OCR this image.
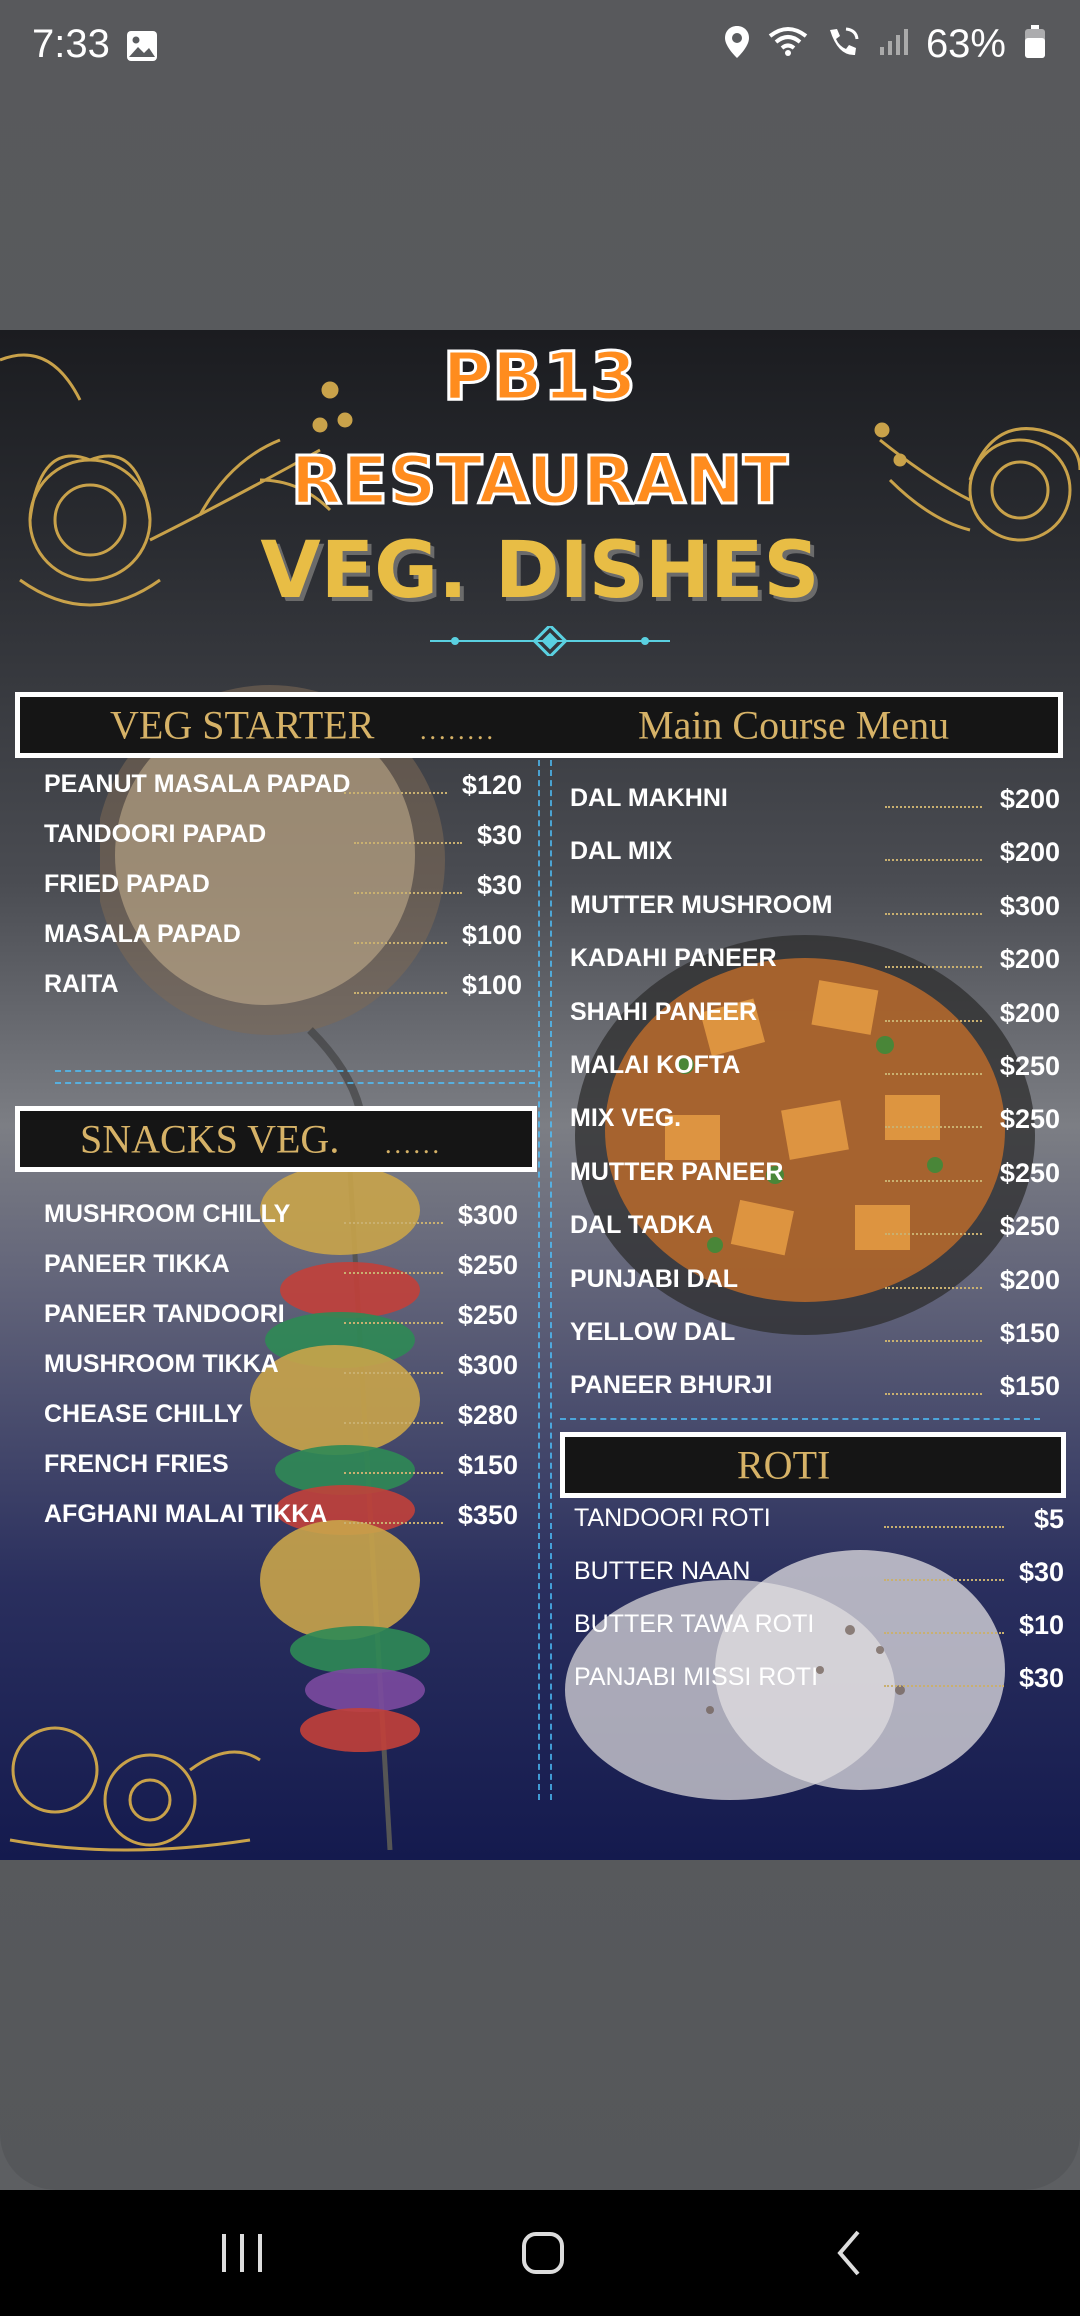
7:33	63%
PB13
RESTAURANT
VEG. DISHES
VEG STARTER ........	Main Course Menu
PEANUT MASALA PAPAD	$120
TANDOORI PAPAD	$30
FRIED PAPAD	$30
MASALA PAPAD	$100
RAITA	$100
SNACKS VEG. ......
MUSHROOM CHILLY	$300
PANEER TIKKA	$250
PANEER TANDOORI	$250
MUSHROOM TIKKA	$300
CHEASE CHILLY	$280
FRENCH FRIES	$150
AFGHANI MALAI TIKKA	$350
DAL MAKHNI	$200
DAL MIX	$200
MUTTER MUSHROOM	$300
KADAHI PANEER	$200
SHAHI PANEER	$200
MALAI KOFTA	$250
MIX VEG.	$250
MUTTER PANEER	$250
DAL TADKA	$250
PUNJABI DAL	$200
YELLOW DAL	$150
PANEER BHURJI	$150
ROTI
TANDOORI ROTI	$5
BUTTER NAAN	$30
BUTTER TAWA ROTI	$10
PANJABI MISSI ROTI	$30
